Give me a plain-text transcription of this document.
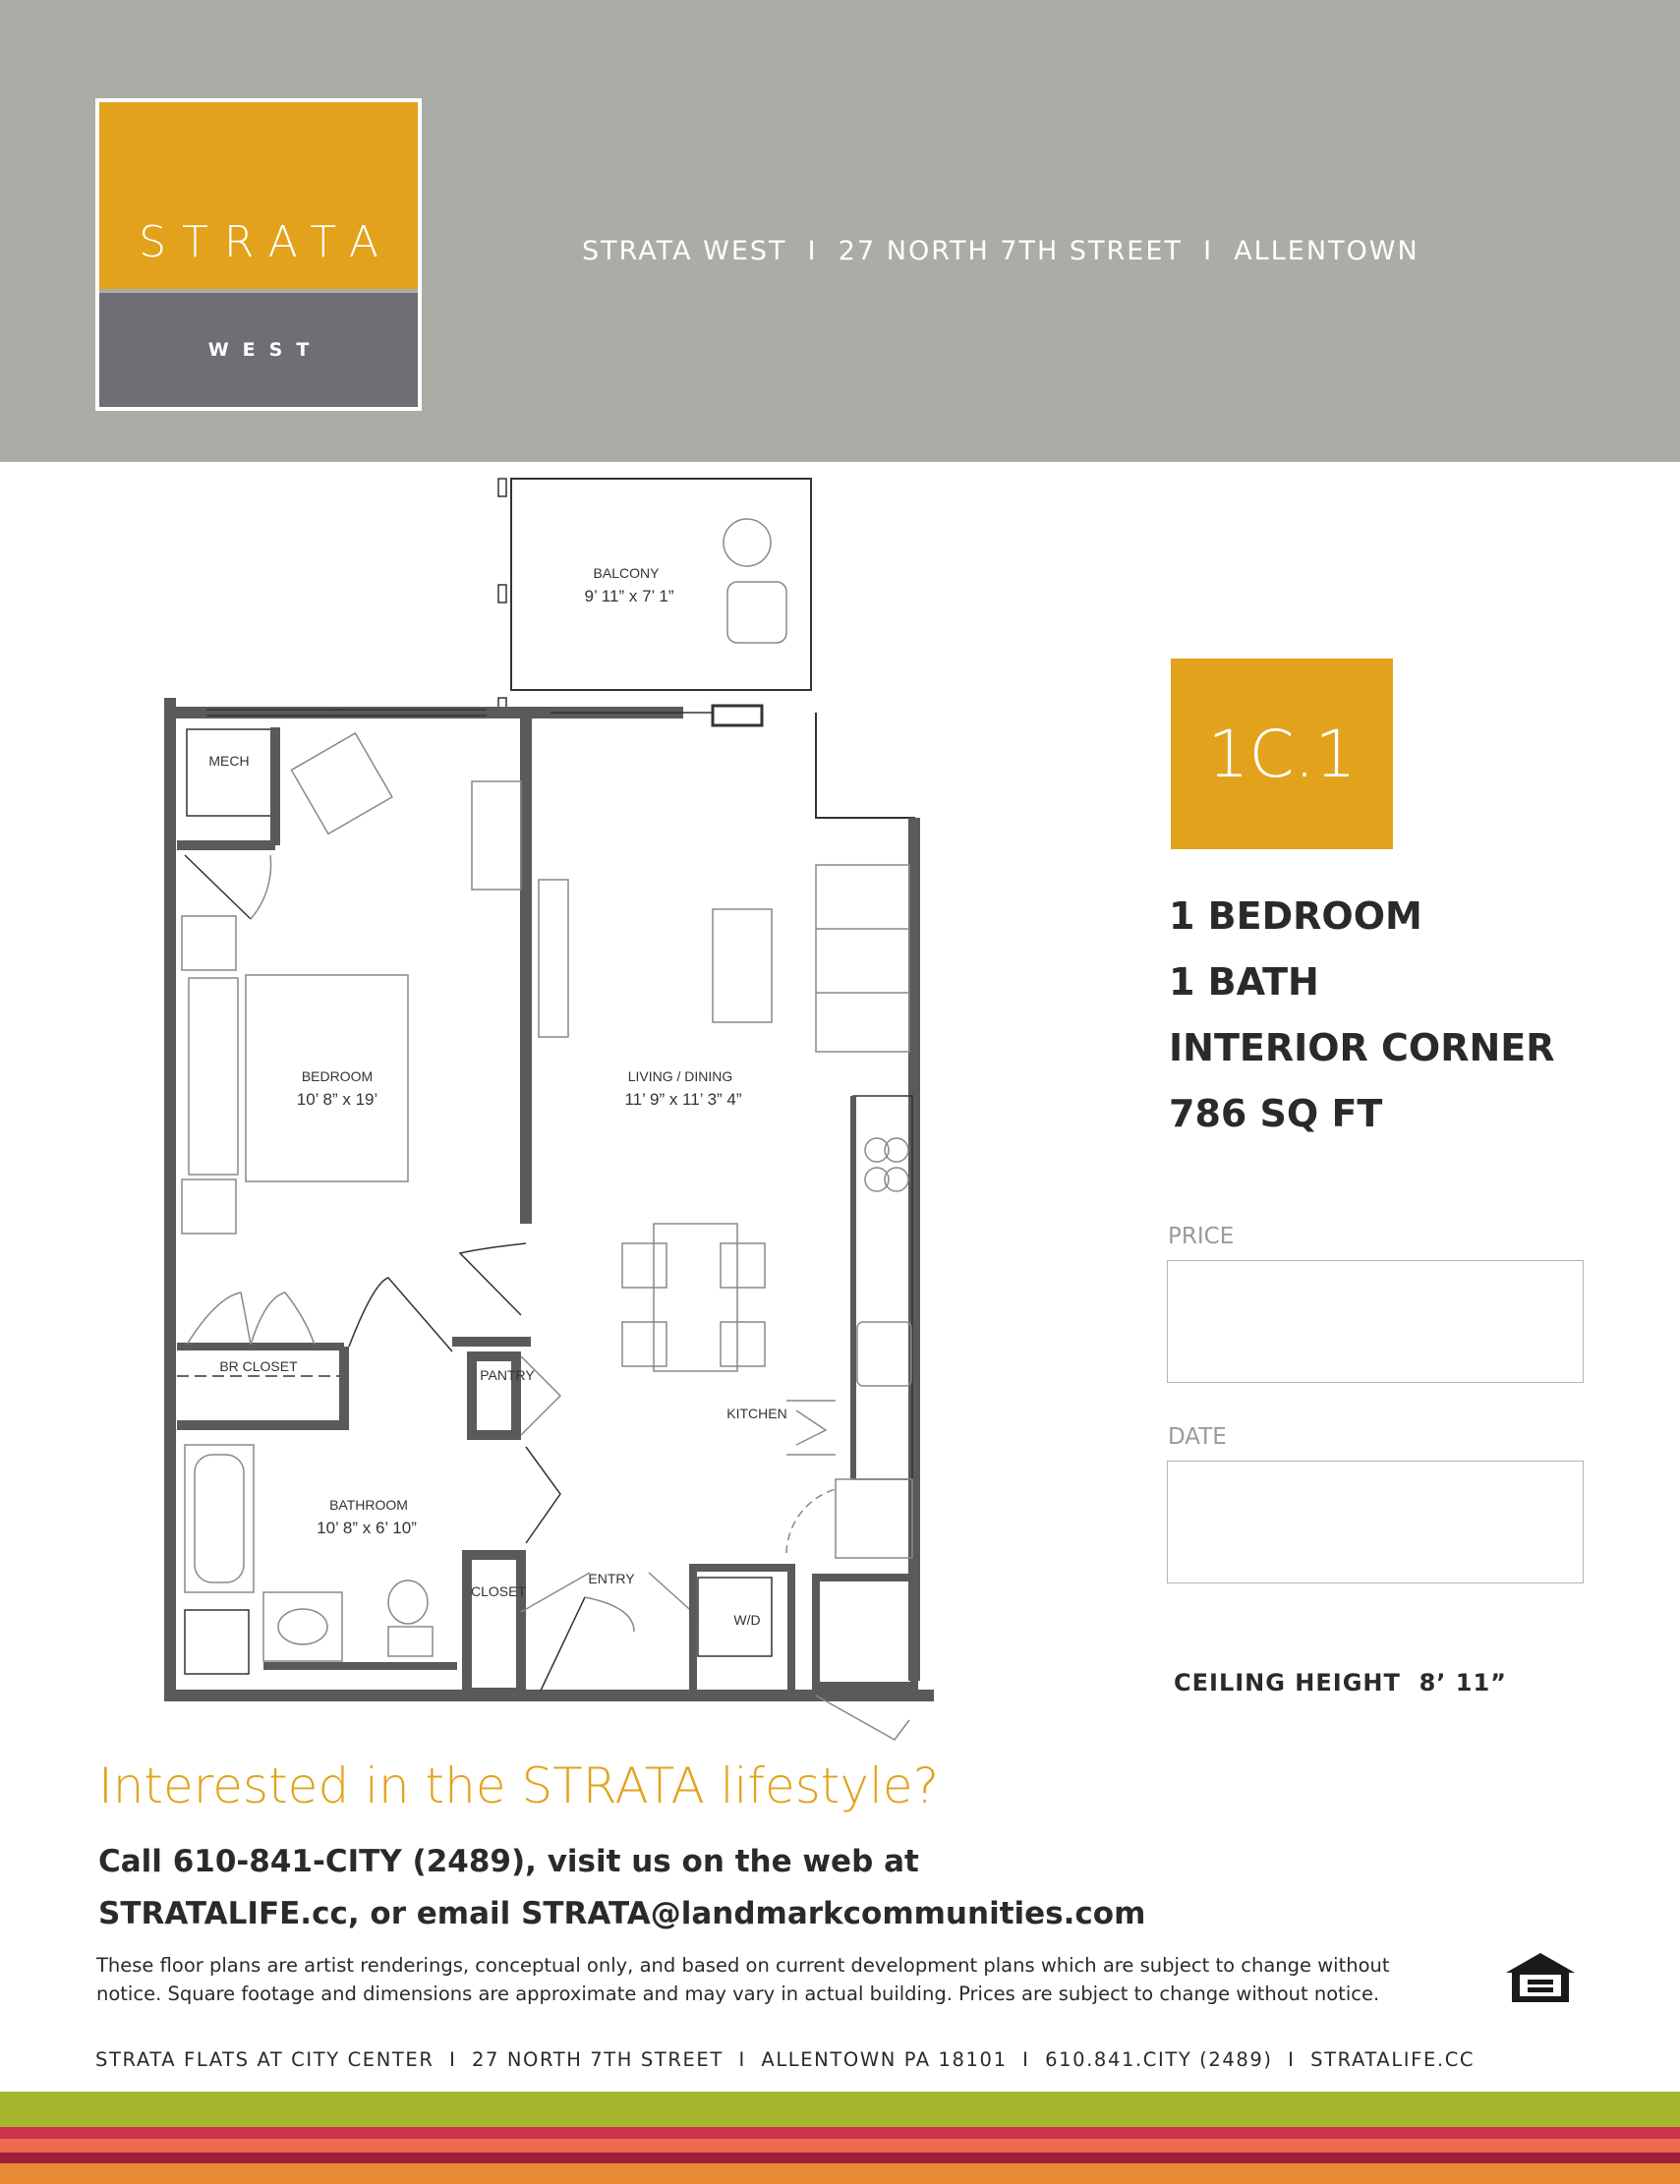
STRATA
WEST
STRATA WEST  I  27 NORTH 7TH STREET  I  ALLENTOWN
BALCONY
9’ 11” x 7’ 1”
MECH
BEDROOM
10’ 8” x 19’
LIVING / DINING
11’ 9” x 11’ 3” 4”
BR CLOSET
PANTRY
KITCHEN
BATHROOM
10’ 8” x 6’ 10”
CLOSET
ENTRY
W/D
1C.1
1 BEDROOM
1 BATH
INTERIOR CORNER
786 SQ FT
PRICE
DATE
CEILING HEIGHT  8’ 11”
Interested in the STRATA lifestyle?
Call 610-841-CITY (2489), visit us on the web at
STRATALIFE.cc, or email STRATA@landmarkcommunities.com
These floor plans are artist renderings, conceptual only, and based on current development plans which are subject to change without notice. Square footage and dimensions are approximate and may vary in actual building. Prices are subject to change without notice.
STRATA FLATS AT CITY CENTER  I  27 NORTH 7TH STREET  I  ALLENTOWN PA 18101  I  610.841.CITY (2489)  I  STRATALIFE.CC
